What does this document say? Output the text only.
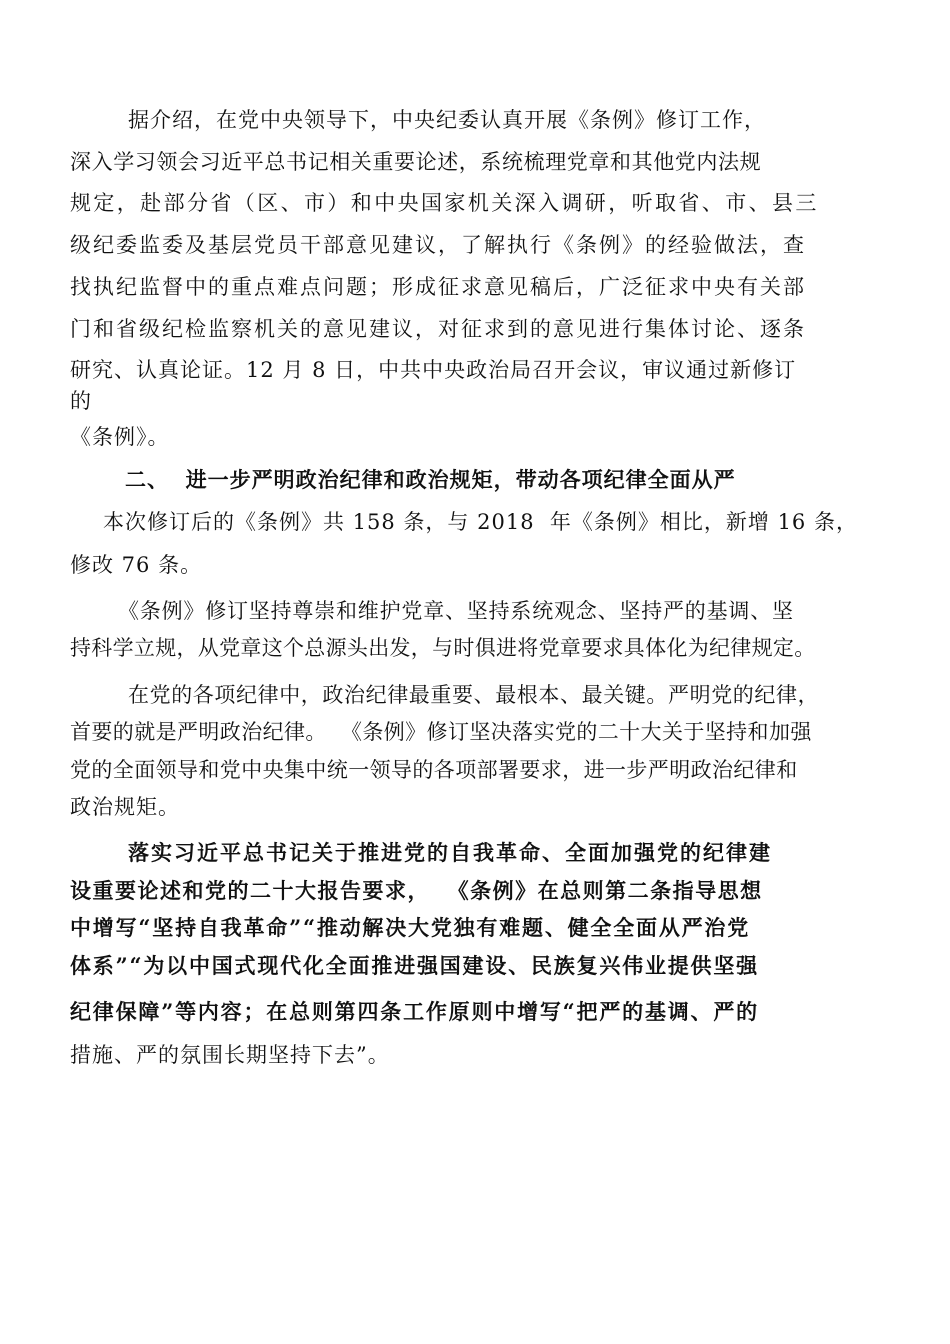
据介绍，在党中央领导下，中央纪委认真开展《条例》修订工作，
深入学习领会习近平总书记相关重要论述，系统梳理党章和其他党内法规
规定，赴部分省（区、市）和中央国家机关深入调研，听取省、市、县三
级纪委监委及基层党员干部意见建议，了解执行《条例》的经验做法，查
找执纪监督中的重点难点问题；形成征求意见稿后，广泛征求中央有关部
门和省级纪检监察机关的意见建议，对征求到的意见进行集体讨论、逐条
研究、认真论证。12 月 8 日，中共中央政治局召开会议，审议通过新修订
的
《条例》。
二、  进一步严明政治纪律和政治规矩，带动各项纪律全面从严
本次修订后的《条例》共 158 条，与 2018  年《条例》相比，新增 16 条，
修改 76 条。
《条例》修订坚持尊崇和维护党章、坚持系统观念、坚持严的基调、坚
持科学立规，从党章这个总源头出发，与时俱进将党章要求具体化为纪律规定。
在党的各项纪律中，政治纪律最重要、最根本、最关键。严明党的纪律，
首要的就是严明政治纪律。  《条例》修订坚决落实党的二十大关于坚持和加强
党的全面领导和党中央集中统一领导的各项部署要求，进一步严明政治纪律和
政治规矩。
落实习近平总书记关于推进党的自我革命、全面加强党的纪律建
设重要论述和党的二十大报告要求，  《条例》在总则第二条指导思想
中增写“坚持自我革命”“推动解决大党独有难题、健全全面从严治党
体系”“为以中国式现代化全面推进强国建设、民族复兴伟业提供坚强
纪律保障”等内容；在总则第四条工作原则中增写“把严的基调、严的
措施、严的氛围长期坚持下去”。
